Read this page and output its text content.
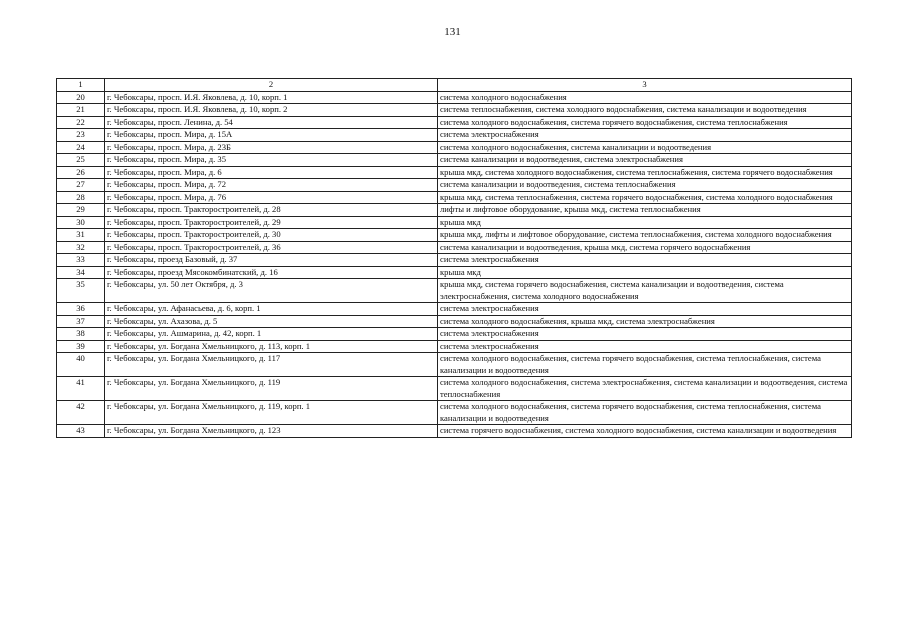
131
1	2	3
20	г. Чебоксары, просп. И.Я. Яковлева, д. 10, корп. 1	система холодного водоснабжения
21	г. Чебоксары, просп. И.Я. Яковлева, д. 10, корп. 2	система теплоснабжения, система холодного водоснабжения, система канализации и водоотведения
22	г. Чебоксары, просп. Ленина, д. 54	система холодного водоснабжения, система горячего водоснабжения, система теплоснабжения
23	г. Чебоксары, просп. Мира, д. 15А	система электроснабжения
24	г. Чебоксары, просп. Мира, д. 23Б	система холодного водоснабжения, система канализации и водоотведения
25	г. Чебоксары, просп. Мира, д. 35	система канализации и водоотведения, система электроснабжения
26	г. Чебоксары, просп. Мира, д. 6	крыша мкд, система холодного водоснабжения, система теплоснабжения, система горячего водоснабжения
27	г. Чебоксары, просп. Мира, д. 72	система канализации и водоотведения, система теплоснабжения
28	г. Чебоксары, просп. Мира, д. 76	крыша мкд, система теплоснабжения, система горячего водоснабжения, система холодного водоснабжения
29	г. Чебоксары, просп. Тракторостроителей, д. 28	лифты и лифтовое оборудование, крыша мкд, система теплоснабжения
30	г. Чебоксары, просп. Тракторостроителей, д. 29	крыша мкд
31	г. Чебоксары, просп. Тракторостроителей, д. 30	крыша мкд, лифты и лифтовое оборудование, система теплоснабжения, система холодного водоснабжения
32	г. Чебоксары, просп. Тракторостроителей, д. 36	система канализации и водоотведения, крыша мкд, система горячего водоснабжения
33	г. Чебоксары, проезд Базовый, д. 37	система электроснабжения
34	г. Чебоксары, проезд Мясокомбинатский, д. 16	крыша мкд
35	г. Чебоксары, ул. 50 лет Октября, д. 3	крыша мкд, система горячего водоснабжения, система канализации и водоотведения, система электроснабжения, система холодного водоснабжения
36	г. Чебоксары, ул. Афанасьева, д. 6, корп. 1	система электроснабжения
37	г. Чебоксары, ул. Ахазова, д. 5	система холодного водоснабжения, крыша мкд, система электроснабжения
38	г. Чебоксары, ул. Ашмарина, д. 42, корп. 1	система электроснабжения
39	г. Чебоксары, ул. Богдана Хмельницкого, д. 113, корп. 1	система электроснабжения
40	г. Чебоксары, ул. Богдана Хмельницкого, д. 117	система холодного водоснабжения, система горячего водоснабжения, система теплоснабжения, система канализации и водоотведения
41	г. Чебоксары, ул. Богдана Хмельницкого, д. 119	система холодного водоснабжения, система электроснабжения, система канализации и водоотведения, система теплоснабжения
42	г. Чебоксары, ул. Богдана Хмельницкого, д. 119, корп. 1	система холодного водоснабжения, система горячего водоснабжения, система теплоснабжения, система канализации и водоотведения
43	г. Чебоксары, ул. Богдана Хмельницкого, д. 123	система горячего водоснабжения, система холодного водоснабжения, система канализации и водоотведения
